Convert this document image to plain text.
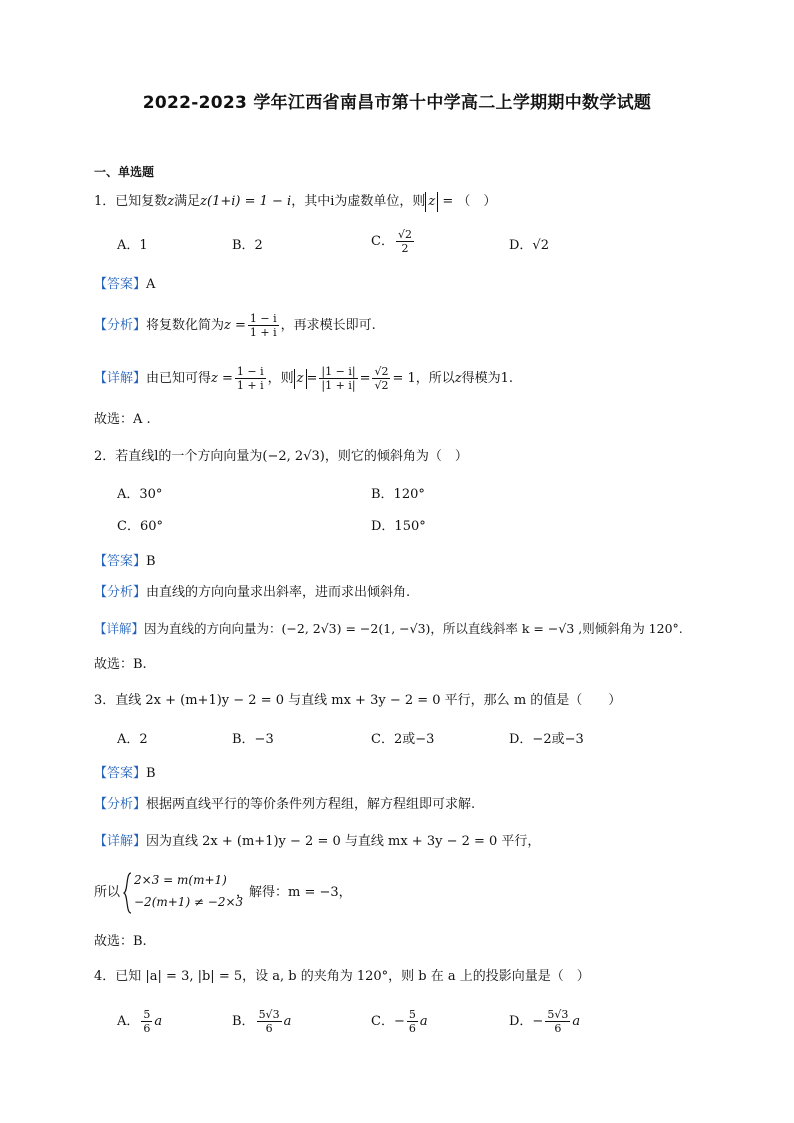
2022-2023 学年江西省南昌市第十中学高二上学期期中数学试题
一、单选题
1．已知复数z满足z(1+i) = 1 − i，其中i为虚数单位，则 z = （　）
A．1	B．2	C． $\frac{√2}{2}$	D．√2
【答案】A
【分析】将复数化简为$z = \frac{1 - i}{1 + i}$ ，再求模长即可.
【详解】由已知可得$z = \frac{1 - i}{1 + i}$ ，则 $z = \frac{|1 - i|}{|1 + i|} = \frac{√2}{√2} = 1$，所以z得模为1.
故选：A .
2．若直线l的一个方向向量为(−2, 2√3)，则它的倾斜角为（　）
A．30°	B．120°
C．60°	D．150°
【答案】B
【分析】由直线的方向向量求出斜率，进而求出倾斜角.
【详解】因为直线的方向向量为：(−2, 2√3) = −2(1, −√3)，所以直线斜率 k = −√3 ,则倾斜角为 120°.
故选：B.
3．直线 2x + (m+1)y − 2 = 0 与直线 mx + 3y − 2 = 0 平行，那么 m 的值是（　　）
A．2	B．−3	C．2或−3	D．−2或−3
【答案】B
【分析】根据两直线平行的等价条件列方程组，解方程组即可求解.
【详解】因为直线 2x + (m+1)y − 2 = 0 与直线 mx + 3y − 2 = 0 平行，
所以
2×3 = m(m+1)
−2(m+1) ≠ −2×3
，解得：m = −3，
故选：B.
4．已知 |a| = 3, |b| = 5，设 a, b 的夹角为 120°，则 b 在 a 上的投影向量是（　）
A． $\frac{5}{6}$ a	B． $\frac{5√3}{6}$ a	C．− $\frac{5}{6}$ a	D．− $\frac{5√3}{6}$ a
